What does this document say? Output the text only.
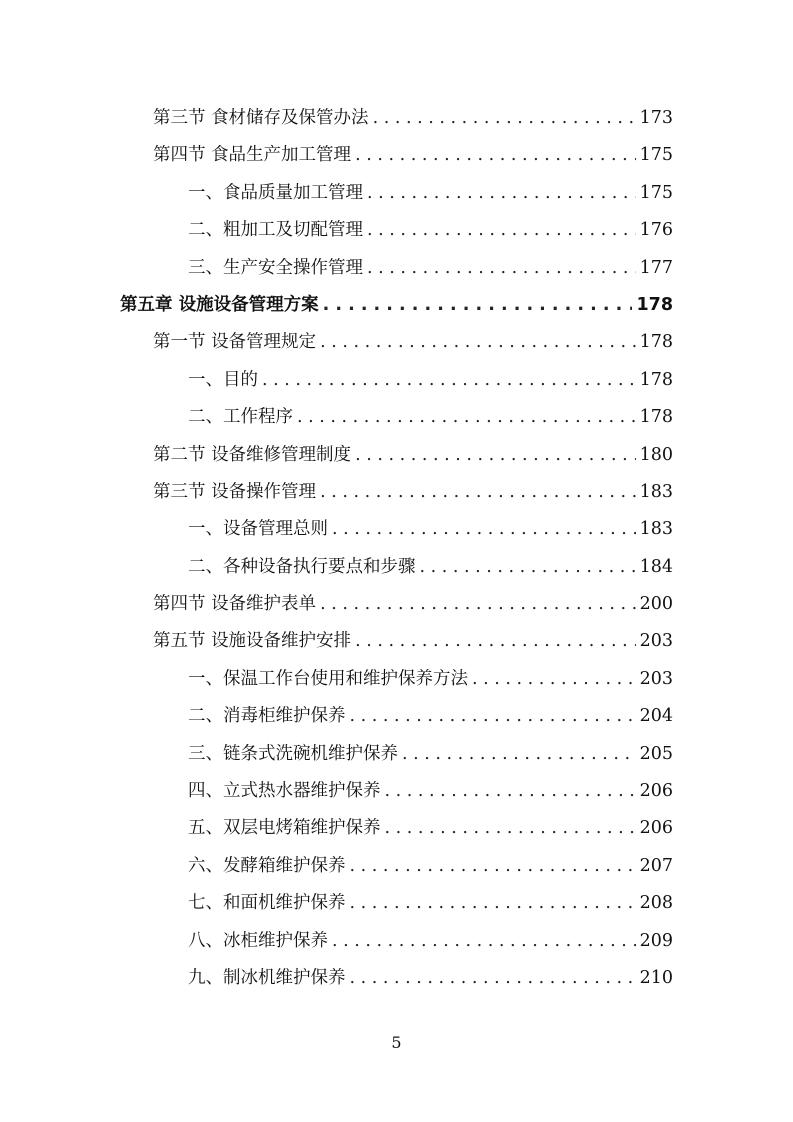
第三节 食材储存及保管办法 . . .	173
第四节 食品生产加工管理 . . .	175
一、食品质量加工管理 . . .	175
二、粗加工及切配管理 . . .	176
三、生产安全操作管理 . . .	177
第五章 设施设备管理方案 . . .	178
第一节 设备管理规定 . . .	178
一、目的 . . .	178
二、工作程序 . . .	178
第二节 设备维修管理制度 . . .	180
第三节 设备操作管理 . . .	183
一、设备管理总则 . . .	183
二、各种设备执行要点和步骤 . . .	184
第四节 设备维护表单 . . .	200
第五节 设施设备维护安排 . . .	203
一、保温工作台使用和维护保养方法 . . .	203
二、消毒柜维护保养 . . .	204
三、链条式洗碗机维护保养 . . .	205
四、立式热水器维护保养 . . .	206
五、双层电烤箱维护保养 . . .	206
六、发酵箱维护保养 . . .	207
七、和面机维护保养 . . .	208
八、冰柜维护保养 . . .	209
九、制冰机维护保养 . . .	210
5
